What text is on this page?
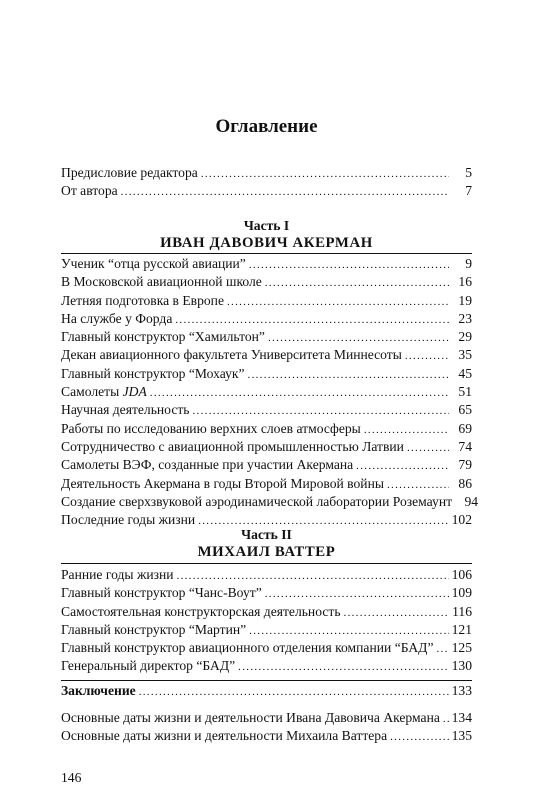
Оглавление
Предисловие редактора .....	5
От автора .....	7
Часть I
ИВАН ДАВОВИЧ АКЕРМАН
Ученик “отца русской авиации” .....	9
В Московской авиационной школе .....	16
Летняя подготовка в Европе .....	19
На службе у Форда .....	23
Главный конструктор “Хамильтон” .....	29
Декан авиационного факультета Университета Миннесоты .....	35
Главный конструктор “Мохаук” .....	45
Самолеты JDA .....	51
Научная деятельность .....	65
Работы по исследованию верхних слоев атмосферы .....	69
Сотрудничество с авиационной промышленностью Латвии .....	74
Самолеты ВЭФ, созданные при участии Акермана .....	79
Деятельность Акермана в годы Второй Мировой войны .....	86
Создание сверхзвуковой аэродинамической лаборатории Роземаунт 94
Последние годы жизни .....	102
Часть II
МИХАИЛ ВАТТЕР
Ранние годы жизни .....	106
Главный конструктор “Чанс-Воут” .....	109
Самостоятельная конструкторская деятельность .....	116
Главный конструктор “Мартин” .....	121
Главный конструктор авиационного отделения компании “БАД” ..... 125
Генеральный директор “БАД” .....	130
Заключение .....	133
Основные даты жизни и деятельности Ивана Давовича Акермана ..... 134
Основные даты жизни и деятельности Михаила Ваттера .....	135
146
